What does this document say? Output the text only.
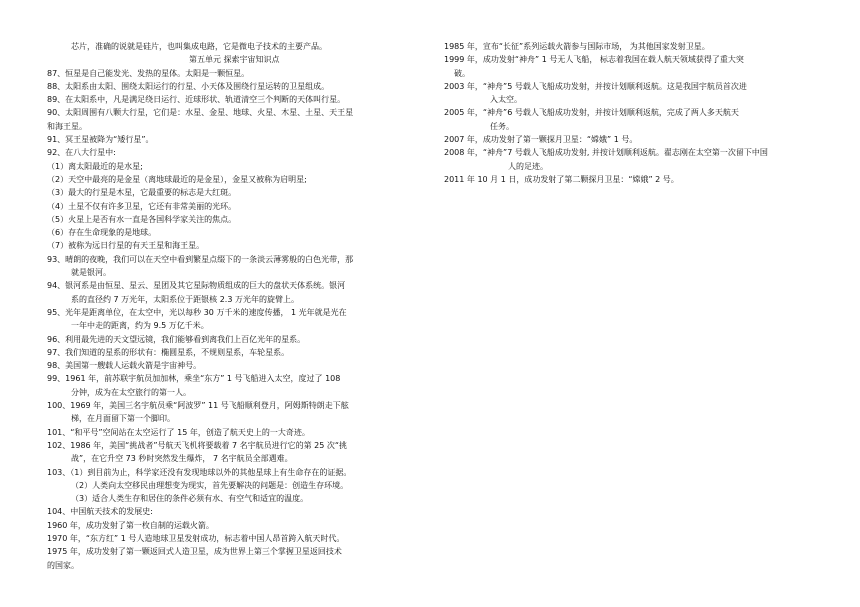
芯片，准确的说就是硅片，也叫集成电路，它是微电子技术的主要产品。
第五单元 探索宇宙知识点
87、恒星是自己能发光、发热的星体。太阳是一颗恒星。
88、太阳系由太阳、围绕太阳运行的行星、小天体及围绕行星运转的卫星组成。
89、在太阳系中，凡是满足绕日运行、近球形状、轨道清空三个判断的天体叫行星。
90、太阳周围有八颗大行星，它们是：水星、金星、地球、火星、木星、土星、天王星
和海王星。
91、冥王星被降为“矮行星”。
92、在八大行星中:
（1）离太阳最近的是水星;
（2）天空中最亮的是金星（离地球最近的是金星），金星又被称为启明星;
（3）最大的行星是木星，它最重要的标志是大红斑。
（4）土星不仅有许多卫星，它还有非常美丽的光环。
（5）火星上是否有水一直是各国科学家关注的焦点。
（6）存在生命现象的是地球。
（7）被称为远日行星的有天王星和海王星。
93、晴朗的夜晚，我们可以在天空中看到繁星点缀下的一条淡云薄雾般的白色光带，那
就是银河。
94、银河系是由恒星、星云、星团及其它星际物质组成的巨大的盘状天体系统。银河
系的直径约 7 万光年，太阳系位于距银核 2.3 万光年的旋臂上。
95、光年是距离单位，在太空中，光以每秒 30 万千米的速度传播， 1 光年就是光在
一年中走的距离，约为 9.5 万亿千米。
96、利用最先进的天文望远镜，我们能够看到离我们上百亿光年的星系。
97、我们知道的星系的形状有：椭圆星系，不规则星系，车轮星系。
98、美国第一艘载人运载火箭是宇宙神号。
99、1961 年，前苏联宇航员加加林，乘坐“东方” 1 号飞船进入太空，度过了 108
分钟，成为在太空旅行的第一人。
100、1969 年，美国三名宇航员乘“阿波罗” 11 号飞船顺利登月，阿姆斯特朗走下舷
梯，在月面留下第一个脚印。
101、“和平号”空间站在太空运行了 15 年，创造了航天史上的一大奇迹。
102、1986 年，美国“挑战者”号航天飞机将要载着 7 名宇航员进行它的第 25 次“挑
战”，在它升空 73 秒时突然发生爆炸， 7 名宇航员全部遇难。
103、（1）到目前为止，科学家还没有发现地球以外的其他星球上有生命存在的证据。
（2）人类向太空移民由理想变为现实，首先要解决的问题是：创造生存环境。
（3）适合人类生存和居住的条件必须有水、有空气和适宜的温度。
104、中国航天技术的发展史:
1960 年，成功发射了第一枚自制的运载火箭。
1970 年，“东方红” 1 号人造地球卫星发射成功，标志着中国人昂首跨入航天时代。
1975 年，成功发射了第一颗返回式人造卫星，成为世界上第三个掌握卫星返回技术
的国家。
1985 年，宣布“长征”系列运载火箭参与国际市场， 为其他国家发射卫星。
1999 年，成功发射“神舟” 1 号无人飞船， 标志着我国在载人航天领域获得了重大突
破。
2003 年，“神舟”5 号载人飞船成功发射，并按计划顺利返航。这是我国宇航员首次进
入太空。
2005 年，“神舟”6 号载人飞船成功发射，并按计划顺利返航，完成了两人多天航天
任务。
2007 年，成功发射了第一颗探月卫星：“嫦娥” 1 号。
2008 年，“神舟”7 号载人飞船成功发射, 并按计划顺利返航。翟志刚在太空第一次留下中国
人的足迹。
2011 年 10 月 1 日，成功发射了第二颗探月卫星：“嫦娥” 2 号。
